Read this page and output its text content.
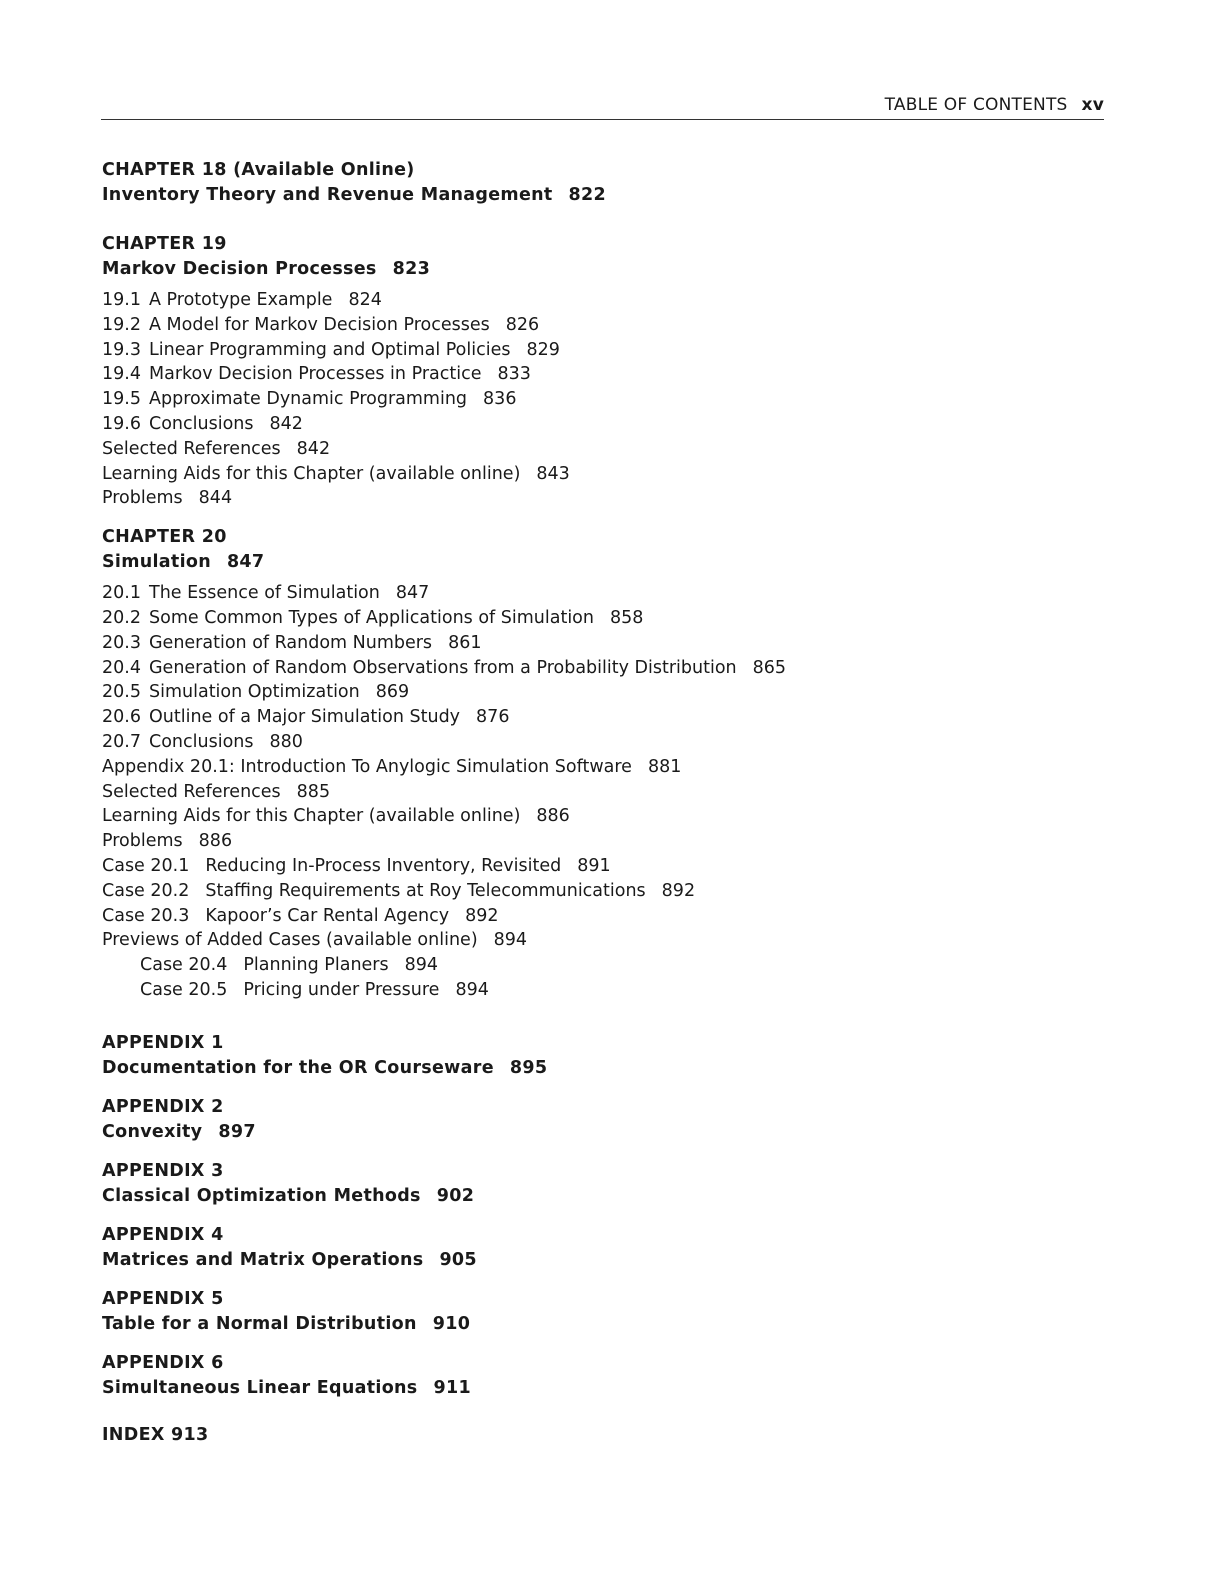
TABLE OF CONTENTS xv

CHAPTER 18 (Available Online)

Inventory Theory and Revenue Management 822

CHAPTER 19

Markov Decision Processes 823

19.1 A Prototype Example 824
19.2 A Model for Markov Decision Processes 826
19.3 Linear Programming and Optimal Policies 829
19.4 Markov Decision Processes in Practice 833
19.5 Approximate Dynamic Programming 836
19.6 Conclusions 842
Selected References 842
Learning Aids for this Chapter (available online) 843
Problems 844

CHAPTER 20

Simulation 847

20.1 The Essence of Simulation 847
20.2 Some Common Types of Applications of Simulation 858
20.3 Generation of Random Numbers 861
20.4 Generation of Random Observations from a Probability Distribution 865
20.5 Simulation Optimization 869
20.6 Outline of a Major Simulation Study 876
20.7 Conclusions 880
Appendix 20.1: Introduction To Anylogic Simulation Software 881
Selected References 885
Learning Aids for this Chapter (available online) 886
Problems 886
Case 20.1 Reducing In-Process Inventory, Revisited 891
Case 20.2 Staffing Requirements at Roy Telecommunications 892
Case 20.3 Kapoor’s Car Rental Agency 892
Previews of Added Cases (available online) 894
Case 20.4 Planning Planers 894
Case 20.5 Pricing under Pressure 894

APPENDIX 1

Documentation for the OR Courseware 895

APPENDIX 2

Convexity 897

APPENDIX 3

Classical Optimization Methods 902

APPENDIX 4

Matrices and Matrix Operations 905

APPENDIX 5

Table for a Normal Distribution 910

APPENDIX 6

Simultaneous Linear Equations 911

INDEX 913
